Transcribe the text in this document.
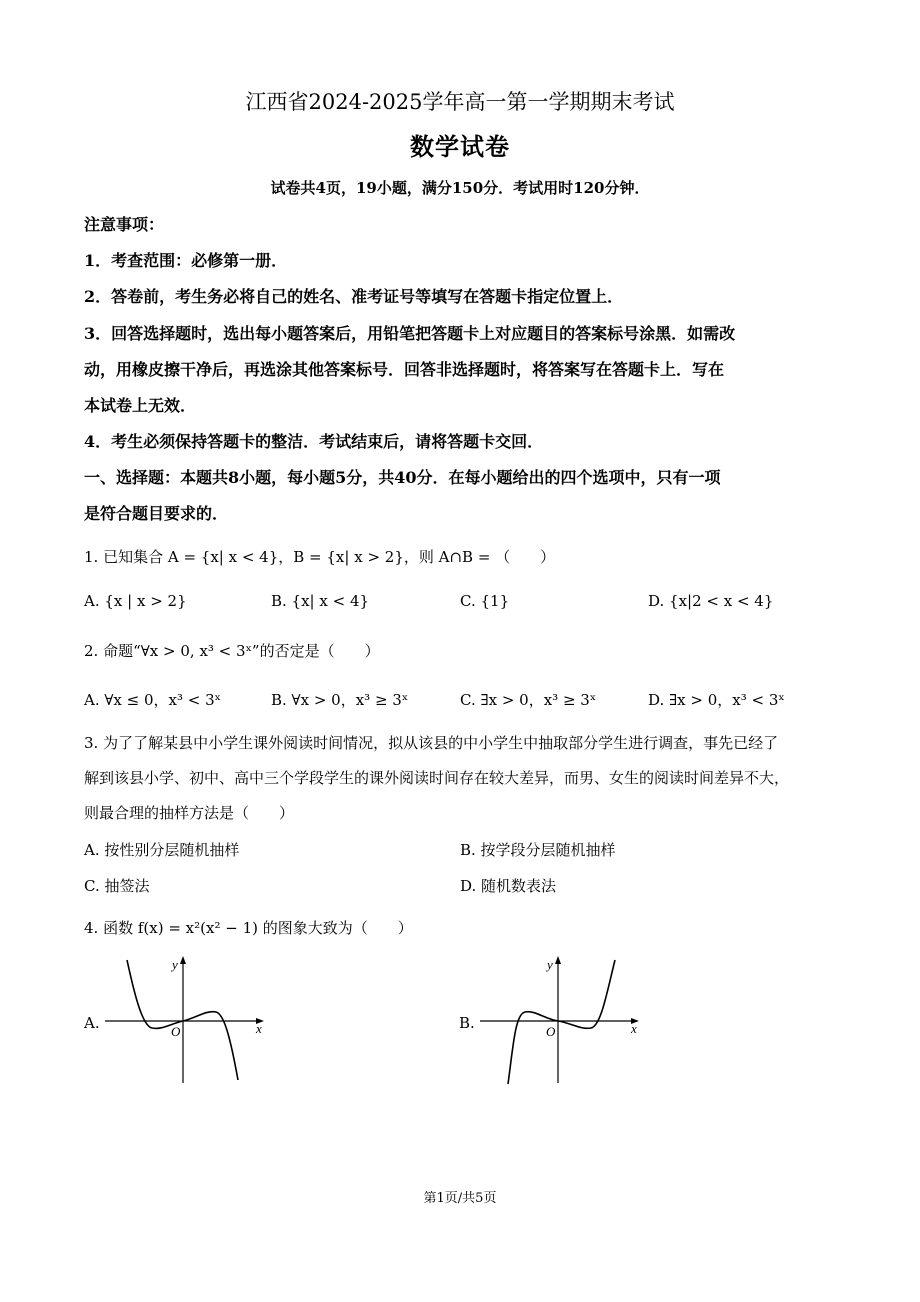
江西省2024-2025学年高一第一学期期末考试
数学试卷
试卷共4页，19小题，满分150分．考试用时120分钟．
注意事项：
1．考查范围：必修第一册．
2．答卷前，考生务必将自己的姓名、准考证号等填写在答题卡指定位置上．
3．回答选择题时，选出每小题答案后，用铅笔把答题卡上对应题目的答案标号涂黑．如需改
动，用橡皮擦干净后，再选涂其他答案标号．回答非选择题时，将答案写在答题卡上．写在
本试卷上无效．
4．考生必须保持答题卡的整洁．考试结束后，请将答题卡交回．
一、选择题：本题共8小题，每小题5分，共40分．在每小题给出的四个选项中，只有一项
是符合题目要求的．
1. 已知集合 A = {x| x < 4}，B = {x| x > 2}，则 A∩B = （　　）
A. {x | x > 2}	B. {x| x < 4}	C. {1}	D. {x|2 < x < 4}
2. 命题“∀x > 0, x³ < 3ˣ”的否定是（　　）
A. ∀x ≤ 0，x³ < 3ˣ	B. ∀x > 0，x³ ≥ 3ˣ	C. ∃x > 0，x³ ≥ 3ˣ	D. ∃x > 0，x³ < 3ˣ
3. 为了了解某县中小学生课外阅读时间情况，拟从该县的中小学生中抽取部分学生进行调查，事先已经了
解到该县小学、初中、高中三个学段学生的课外阅读时间存在较大差异，而男、女生的阅读时间差异不大，
则最合理的抽样方法是（　　）
A. 按性别分层随机抽样	B. 按学段分层随机抽样
C. 抽签法	D. 随机数表法
4. 函数 f(x) = x²(x² − 1) 的图象大致为（　　）
A.	x
y
O	B.	x
y
O
第1页/共5页
